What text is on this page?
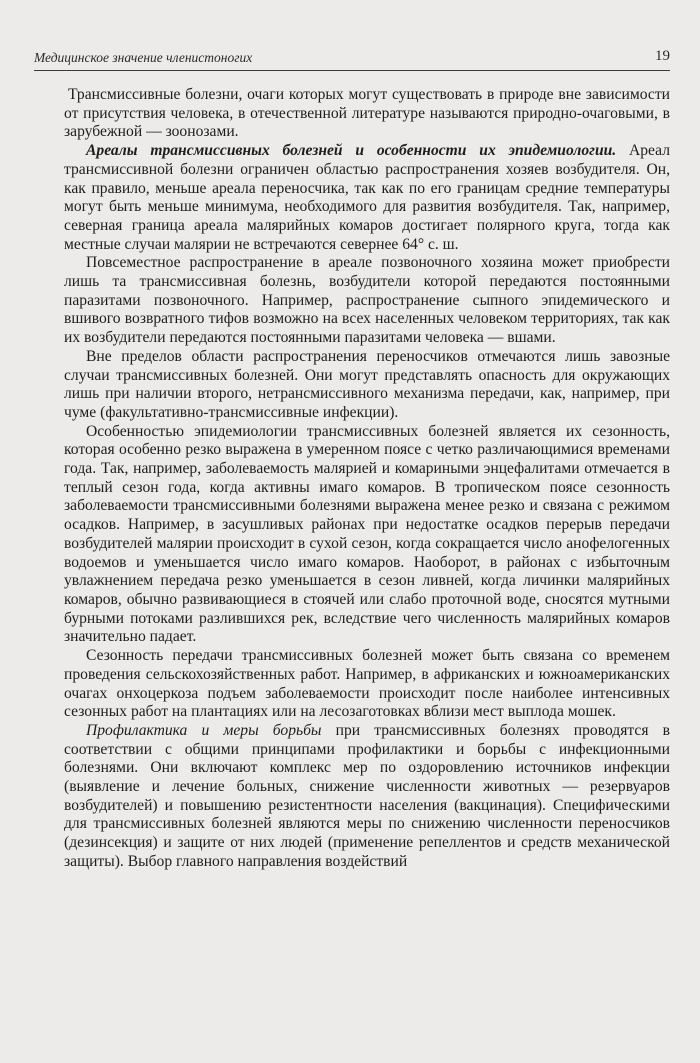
Медицинское значение членистоногих	19

Трансмиссивные болезни, очаги которых могут существовать в природе вне зависимости от присутствия человека, в отечественной литературе называются природно-очаговыми, в зарубежной — зоонозами.

Ареалы трансмиссивных болезней и особенности их эпидемиологии. Ареал трансмиссивной болезни ограничен областью распространения хозяев возбудителя. Он, как правило, меньше ареала переносчика, так как по его границам средние температуры могут быть меньше минимума, необходимого для развития возбудителя. Так, например, северная граница ареала малярийных комаров достигает полярного круга, тогда как местные случаи малярии не встречаются севернее 64° с. ш.

Повсеместное распространение в ареале позвоночного хозяина может приобрести лишь та трансмиссивная болезнь, возбудители которой передаются постоянными паразитами позвоночного. Например, распространение сыпного эпидемического и вшивого возвратного тифов возможно на всех населенных человеком территориях, так как их возбудители передаются постоянными паразитами человека — вшами.

Вне пределов области распространения переносчиков отмечаются лишь завозные случаи трансмиссивных болезней. Они могут представлять опасность для окружающих лишь при наличии второго, нетрансмиссивного механизма передачи, как, например, при чуме (факультативно-трансмиссивные инфекции).

Особенностью эпидемиологии трансмиссивных болезней является их сезонность, которая особенно резко выражена в умеренном поясе с четко различающимися временами года. Так, например, заболеваемость малярией и комариными энцефалитами отмечается в теплый сезон года, когда активны имаго комаров. В тропическом поясе сезонность заболеваемости трансмиссивными болезнями выражена менее резко и связана с режимом осадков. Например, в засушливых районах при недостатке осадков перерыв передачи возбудителей малярии происходит в сухой сезон, когда сокращается число анофелогенных водоемов и уменьшается число имаго комаров. Наоборот, в районах с избыточным увлажнением передача резко уменьшается в сезон ливней, когда личинки малярийных комаров, обычно развивающиеся в стоячей или слабо проточной воде, сносятся мутными бурными потоками разлившихся рек, вследствие чего численность малярийных комаров значительно падает.

Сезонность передачи трансмиссивных болезней может быть связана со временем проведения сельскохозяйственных работ. Например, в африканских и южноамериканских очагах онхоцеркоза подъем заболеваемости происходит после наиболее интенсивных сезонных работ на плантациях или на лесозаготовках вблизи мест выплода мошек.

Профилактика и меры борьбы при трансмиссивных болезнях проводятся в соответствии с общими принципами профилактики и борьбы с инфекционными болезнями. Они включают комплекс мер по оздоровлению источников инфекции (выявление и лечение больных, снижение численности животных — резервуаров возбудителей) и повышению резистентности населения (вакцинация). Специфическими для трансмиссивных болезней являются меры по снижению численности переносчиков (дезинсекция) и защите от них людей (применение репеллентов и средств механической защиты). Выбор главного направления воздействий
